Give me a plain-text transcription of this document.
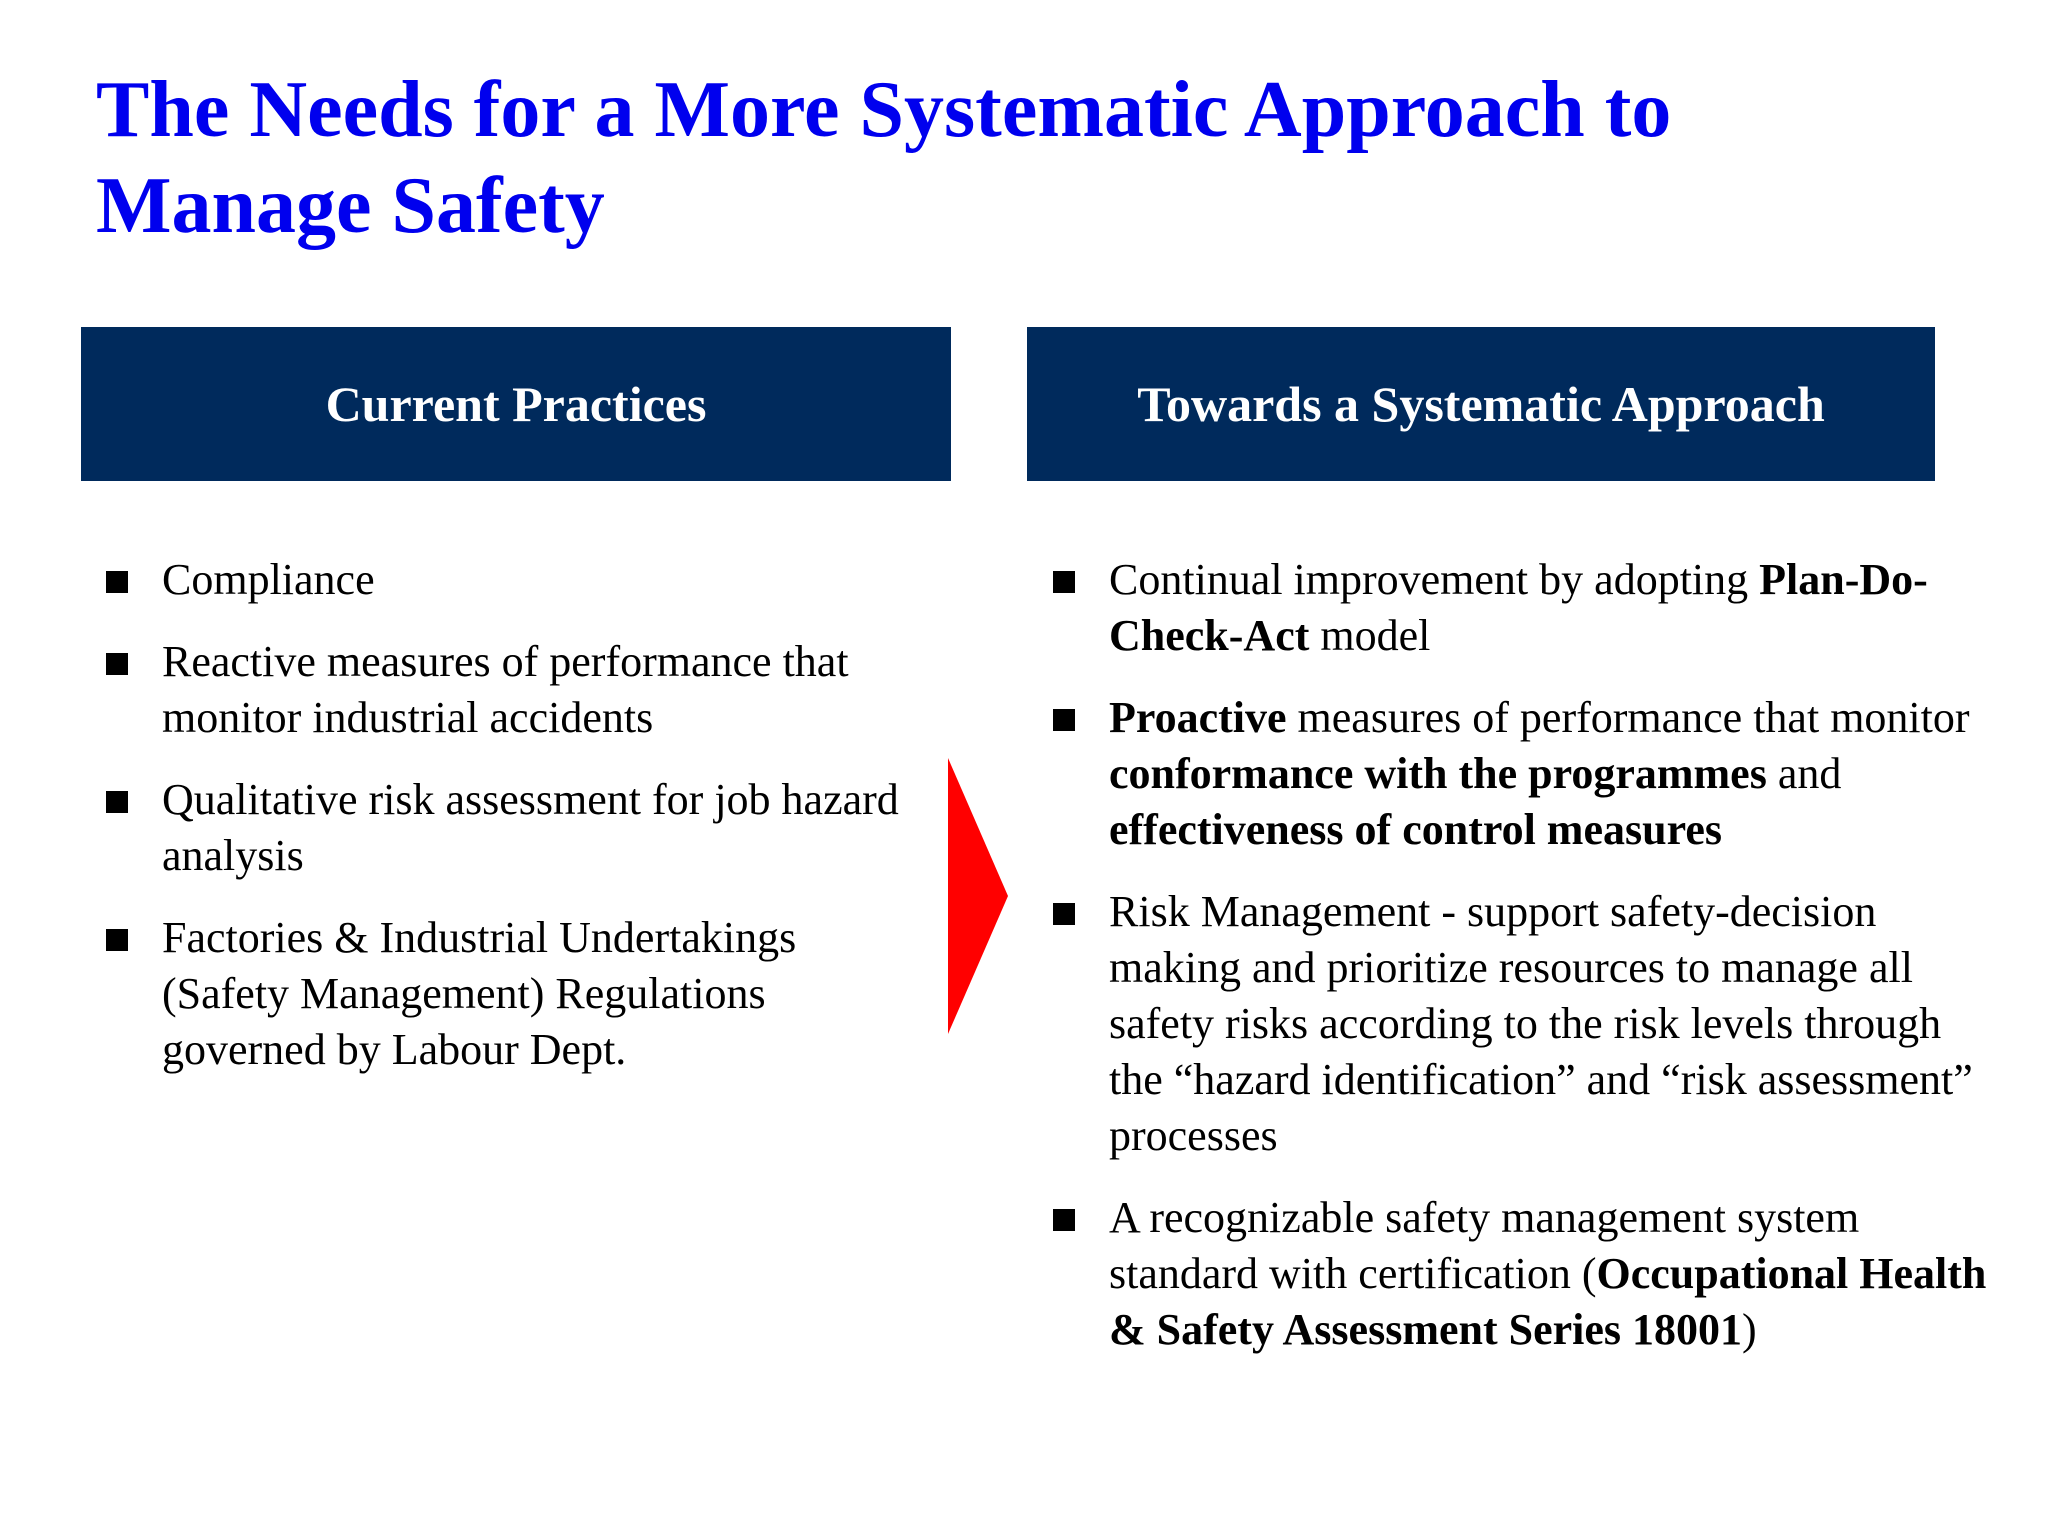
The Needs for a More Systematic Approach to Manage Safety
Current Practices	Towards a Systematic Approach
Compliance
Reactive measures of performance that monitor industrial accidents
Qualitative risk assessment for job hazard analysis
Factories & Industrial Undertakings (Safety Management) Regulations governed by Labour Dept.
Continual improvement by adopting Plan-Do-Check-Act model
Proactive measures of performance that monitor conformance with the programmes and effectiveness of control measures
Risk Management - support safety-decision making and prioritize resources to manage all safety risks according to the risk levels through the “hazard identification” and “risk assessment” processes
A recognizable safety management system standard with certification (Occupational Health & Safety Assessment Series 18001)
